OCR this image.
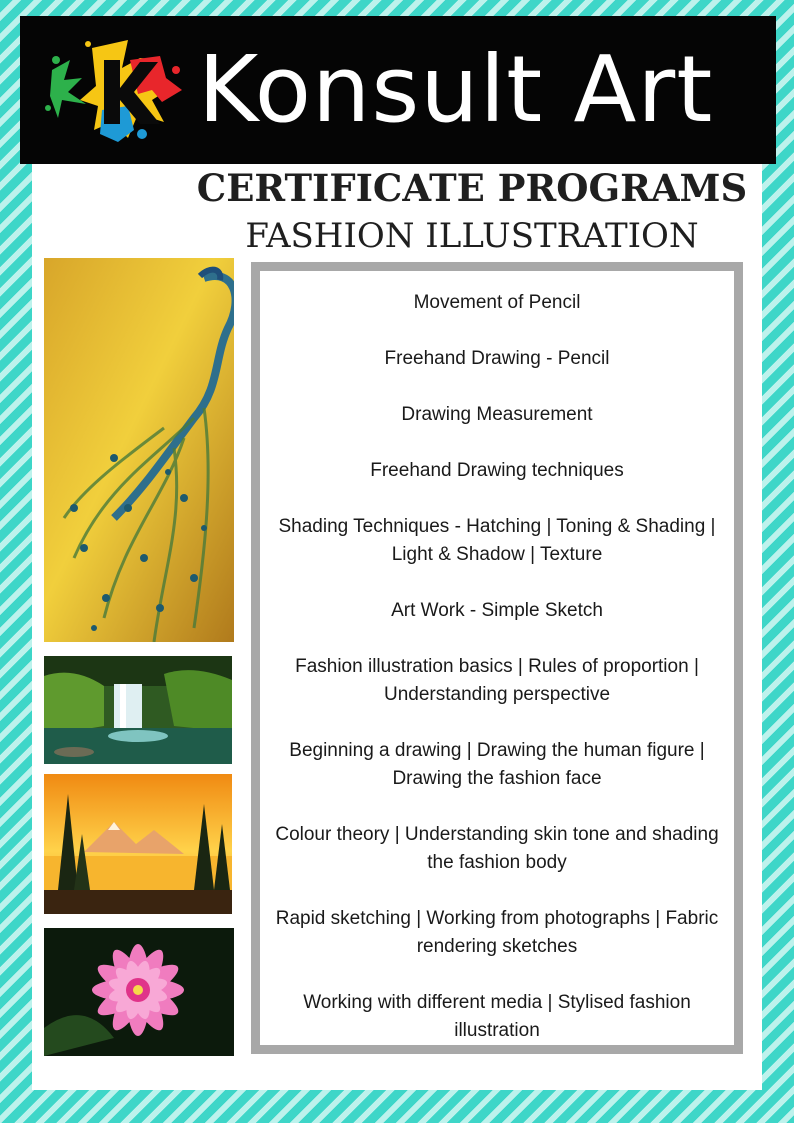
Konsult Art
CERTIFICATE PROGRAMS
FASHION ILLUSTRATION
Movement of Pencil
Freehand Drawing - Pencil
Drawing Measurement
Freehand Drawing techniques
Shading Techniques - Hatching | Toning & Shading | Light & Shadow | Texture
Art Work - Simple Sketch
Fashion illustration basics | Rules of proportion | Understanding perspective
Beginning a drawing | Drawing the human figure | Drawing the fashion face
Colour theory | Understanding skin tone and shading the fashion body
Rapid sketching | Working from photographs | Fabric rendering sketches
Working with different media | Stylised fashion illustration
